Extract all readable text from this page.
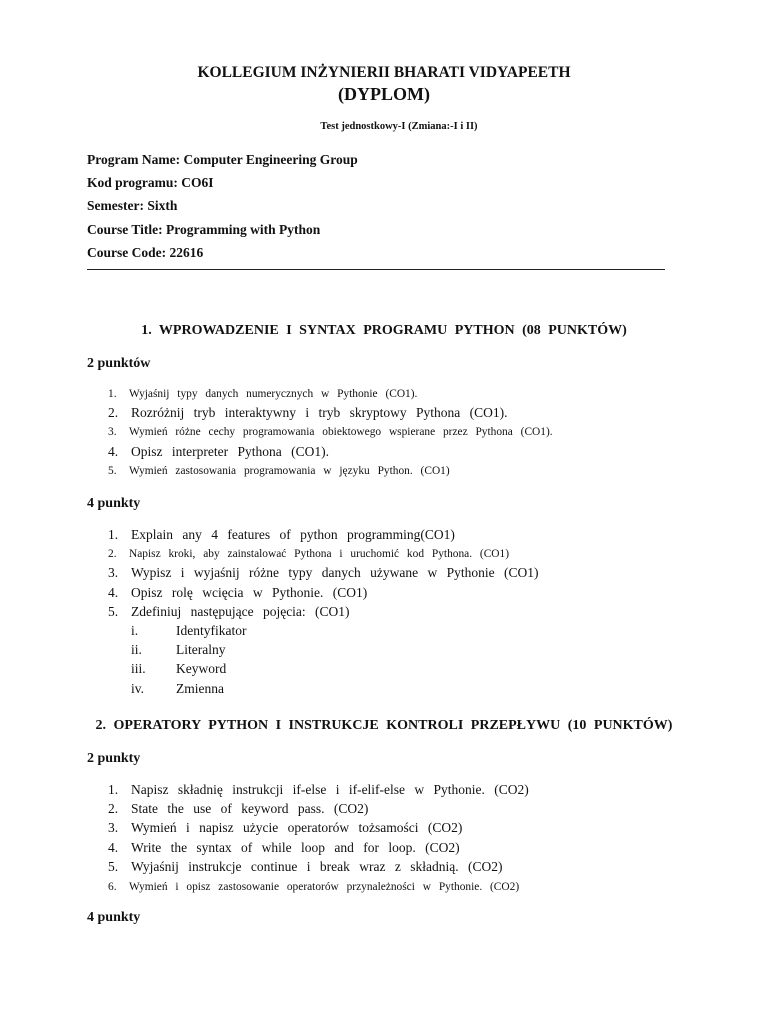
KOLLEGIUM INŻYNIERII BHARATI VIDYAPEETH
(DYPLOM)
Test jednostkowy-I (Zmiana:-I i II)
Program Name: Computer Engineering Group
Kod programu: CO6I
Semester: Sixth
Course Title: Programming with Python
Course Code: 22616
1. WPROWADZENIE I SYNTAX PROGRAMU PYTHON (08 PUNKTÓW)
2 punktów
1.	Wyjaśnij typy danych numerycznych w Pythonie (CO1).
2. Rozróżnij tryb interaktywny i tryb skryptowy Pythona (CO1).
3.	Wymień różne cechy programowania obiektowego wspierane przez Pythona (CO1).
4. Opisz interpreter Pythona (CO1).
5.	Wymień zastosowania programowania w języku Python. (CO1)
4 punkty
1. Explain any 4 features of python programming(CO1)
2.	Napisz kroki, aby zainstalować Pythona i uruchomić kod Pythona. (CO1)
3. Wypisz i wyjaśnij różne typy danych używane w Pythonie (CO1)
4. Opisz rolę wcięcia w Pythonie. (CO1)
5. Zdefiniuj następujące pojęcia: (CO1)
i.	Identyfikator
ii.	Literalny
iii.	Keyword
iv.	Zmienna
2. OPERATORY PYTHON I INSTRUKCJE KONTROLI PRZEPŁYWU (10 PUNKTÓW)
2 punkty
1. Napisz składnię instrukcji if-else i if-elif-else w Pythonie. (CO2)
2. State the use of keyword pass. (CO2)
3. Wymień i napisz użycie operatorów tożsamości (CO2)
4. Write the syntax of while loop and for loop. (CO2)
5. Wyjaśnij instrukcje continue i break wraz z składnią. (CO2)
6.	Wymień i opisz zastosowanie operatorów przynależności w Pythonie. (CO2)
4 punkty
